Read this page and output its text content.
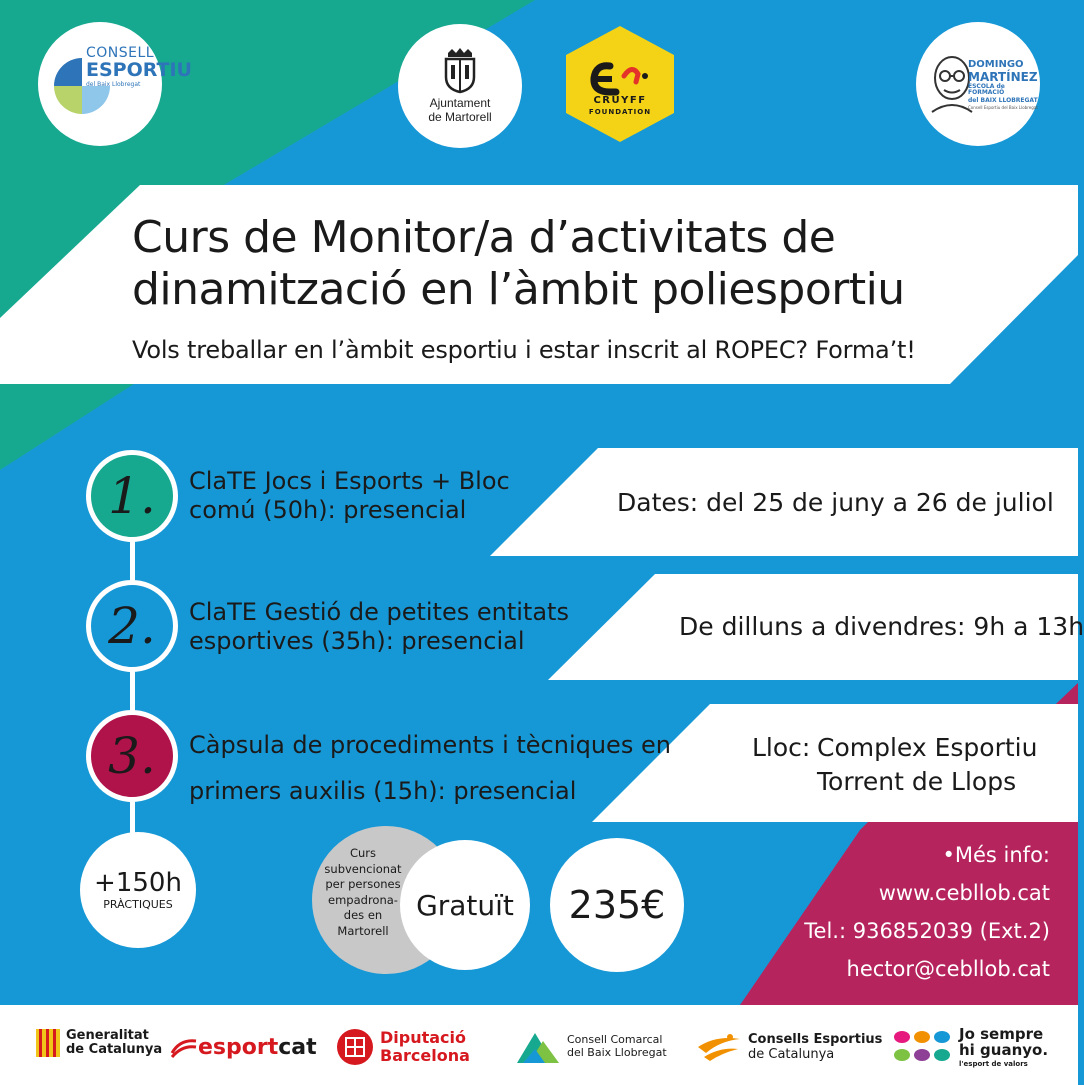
CONSELL
ESPORTIU
del Baix Llobregat
Ajuntament
de Martorell
CRUYFF
FOUNDATION
DOMINGO
MARTÍNEZ
ESCOLA de FORMACIÓ
del BAIX LLOBREGAT
Consell Esportiu del Baix Llobregat
Curs de Monitor/a d’activitats de
dinamització en l’àmbit poliesportiu
Vols treballar en l’àmbit esportiu i estar inscrit al ROPEC? Forma’t!
1.
2.
3.
ClaTE Jocs i Esports + Bloc
comú (50h): presencial
ClaTE Gestió de petites entitats
esportives (35h): presencial
Càpsula de procediments i tècniques en
primers auxilis (15h): presencial
Dates: del 25 de juny a 26 de juliol
De dilluns a divendres: 9h a 13h
Lloc: Complex Esportiu
Torrent de Llops
+150h
PRÀCTIQUES
Curs
subvencionat
per persones
empadrona-
des en
Martorell
Gratuït 235€
•Més info:
www.cebllob.cat
Tel.: 936852039 (Ext.2)
hector@cebllob.cat
Generalitat
de Catalunya esport cat	Diputació
Barcelona
Consell Comarcal
del Baix Llobregat
Consells Esportius
de Catalunya
Jo sempre
hi guanyo.
l'esport de valors
